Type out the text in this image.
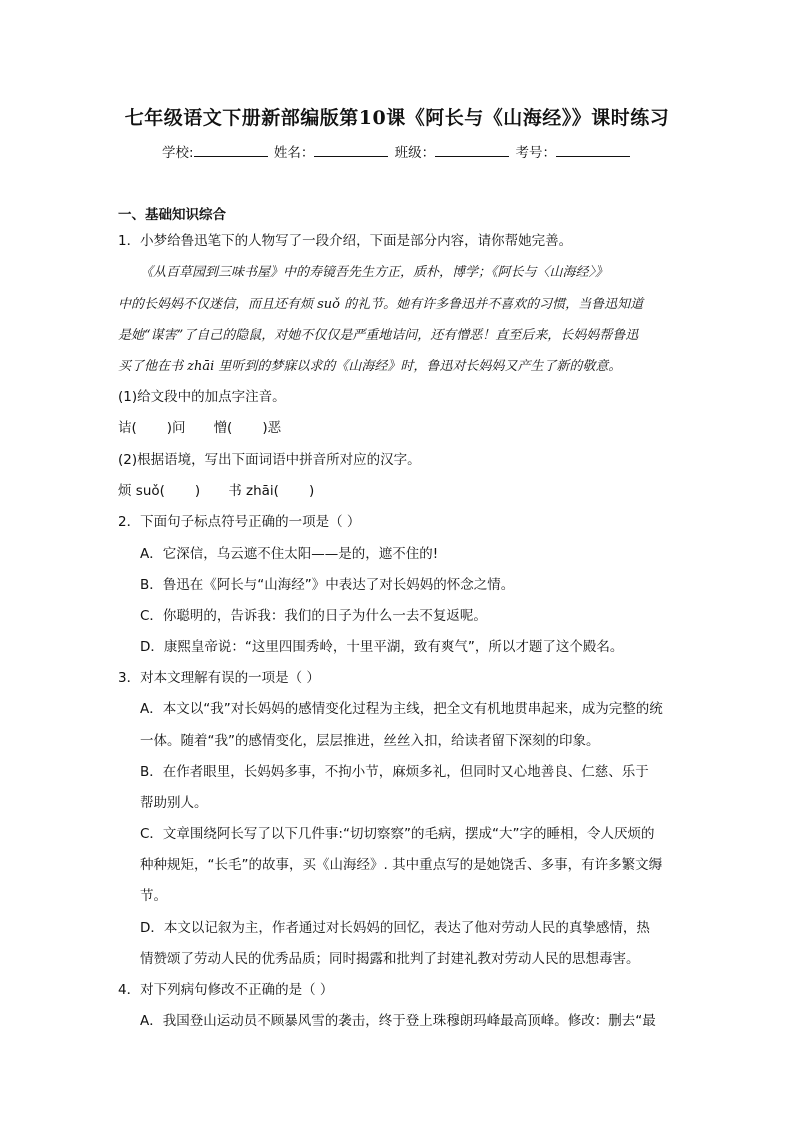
七年级语文下册新部编版第10课《阿长与《山海经》》课时练习
学校:	姓名：	班级：	考号：
一、基础知识综合
1．小梦给鲁迅笔下的人物写了一段介绍，下面是部分内容，请你帮她完善。
《从百草园到三味书屋》中的寿镜吾先生方正，质朴，博学；《阿长与〈山海经〉》
中的长妈妈不仅迷信，而且还有烦 suǒ 的礼节。她有许多鲁迅并不喜欢的习惯，当鲁迅知道
是她“谋害”了自己的隐鼠，对她不仅仅是严重地诘问，还有憎恶！直至后来，长妈妈帮鲁迅
买了他在书 zhāi 里听到的梦寐以求的《山海经》时，鲁迅对长妈妈又产生了新的敬意。
(1)给文段中的加点字注音。
诘( )问 憎( )恶
(2)根据语境，写出下面词语中拼音所对应的汉字。
烦 suǒ( ) 书 zhāi( )
2．下面句子标点符号正确的一项是（ ）
A．它深信，乌云遮不住太阳——是的，遮不住的!
B．鲁迅在《阿长与“山海经”》中表达了对长妈妈的怀念之情。
C．你聪明的，告诉我：我们的日子为什么一去不复返呢。
D．康熙皇帝说：“这里四围秀岭，十里平湖，致有爽气”，所以才题了这个殿名。
3．对本文理解有误的一项是（ ）
A．本文以“我”对长妈妈的感情变化过程为主线，把全文有机地贯串起来，成为完整的统
一体。随着“我”的感情变化，层层推进，丝丝入扣，给读者留下深刻的印象。
B．在作者眼里，长妈妈多事，不拘小节，麻烦多礼，但同时又心地善良、仁慈、乐于
帮助别人。
C．文章围绕阿长写了以下几件事:“切切察察”的毛病，摆成“大”字的睡相，令人厌烦的
种种规矩，“长毛”的故事，买《山海经》. 其中重点写的是她饶舌、多事，有许多繁文缛
节。
D．本文以记叙为主，作者通过对长妈妈的回忆，表达了他对劳动人民的真挚感情，热
情赞颂了劳动人民的优秀品质；同时揭露和批判了封建礼教对劳动人民的思想毒害。
4．对下列病句修改不正确的是（ ）
A．我国登山运动员不顾暴风雪的袭击，终于登上珠穆朗玛峰最高顶峰。修改：删去“最
